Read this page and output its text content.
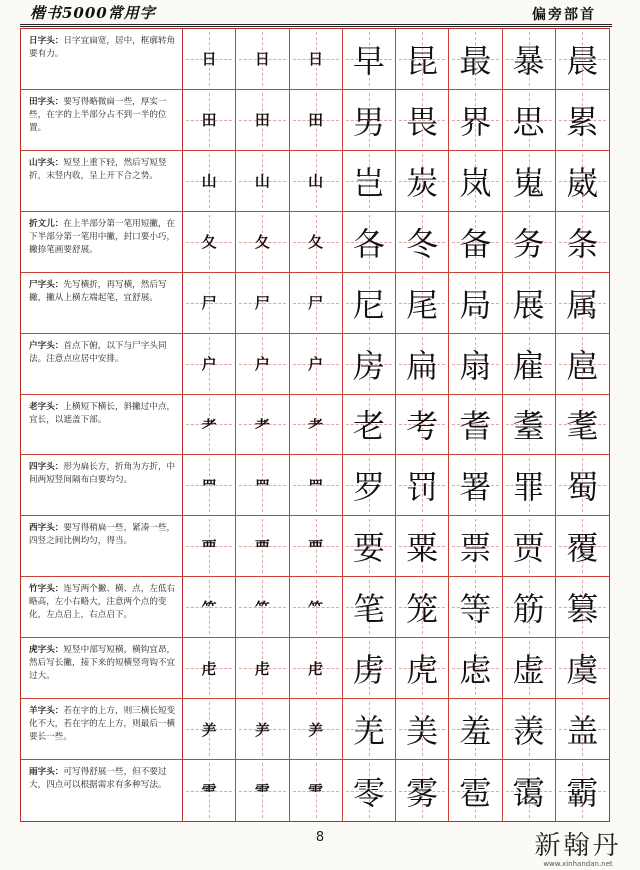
楷书5000常用字	偏旁部首
日字头：日字宜扁宽，居中，框廓转角要有力。	日	日	日 早 昆 最 暴 晨
田字头：要写得略微扁一些，厚实一些，在字的上半部分占不到一半的位置。	田	田	田 男 畏 界 思 累
山字头：短竖上重下轻，然后写短竖折，末竖内收，呈上开下合之势。	山	山	山 岂 炭 岚 嵬 崴
折文儿：在上半部分第一笔用短撇，在下半部分第一笔用中撇，封口要小巧，撇捺笔画要舒展。	夂	夂	夂 各 冬 备 务 条
尸字头：先写横折，再写横，然后写撇，撇从上横左端起笔，宜舒展。	尸	尸	尸 尼 尾 局 展 属
户字头：首点下俯，以下与尸字头同法。注意点应居中安排。	户	户	户 房 扁 扇 雇 扈
老字头：上横短下横长，斜撇过中点，宜长，以遮盖下部。	耂	耂	耂 老 考 耆 耋 耄
四字头：形为扁长方，折角为方折，中间两短竖间隔布白要均匀。	罒	罒	罒 罗 罚 署 罪 蜀
西字头：要写得稍扁一些，紧凑一些，四竖之间比例均匀，得当。	覀	覀	覀 要 粟 票 贾 覆
竹字头：连写两个撇、横、点，左低右略高，左小右略大，注意两个点的变化，左点启上，右点启下。	⺮	⺮	⺮ 笔 笼 等 筋 篡
虎字头：短竖中部写短横，横钩宜昂，然后写长撇，接下来的短横竖弯钩不宜过大。	虍	虍	虍 虏 虎 虑 虚 虞
羊字头：若在字的上方，则三横长短变化不大，若在字的左上方，则最后一横要长一些。	⺶	⺶	⺶ 羌 美 羞 羡 盖
雨字头：可写得舒展一些，但不要过大，四点可以根据需求有多种写法。	⻗	⻗	⻗ 零 雾 雹 霭 霸
8	新翰丹
www.xinhandan.net
